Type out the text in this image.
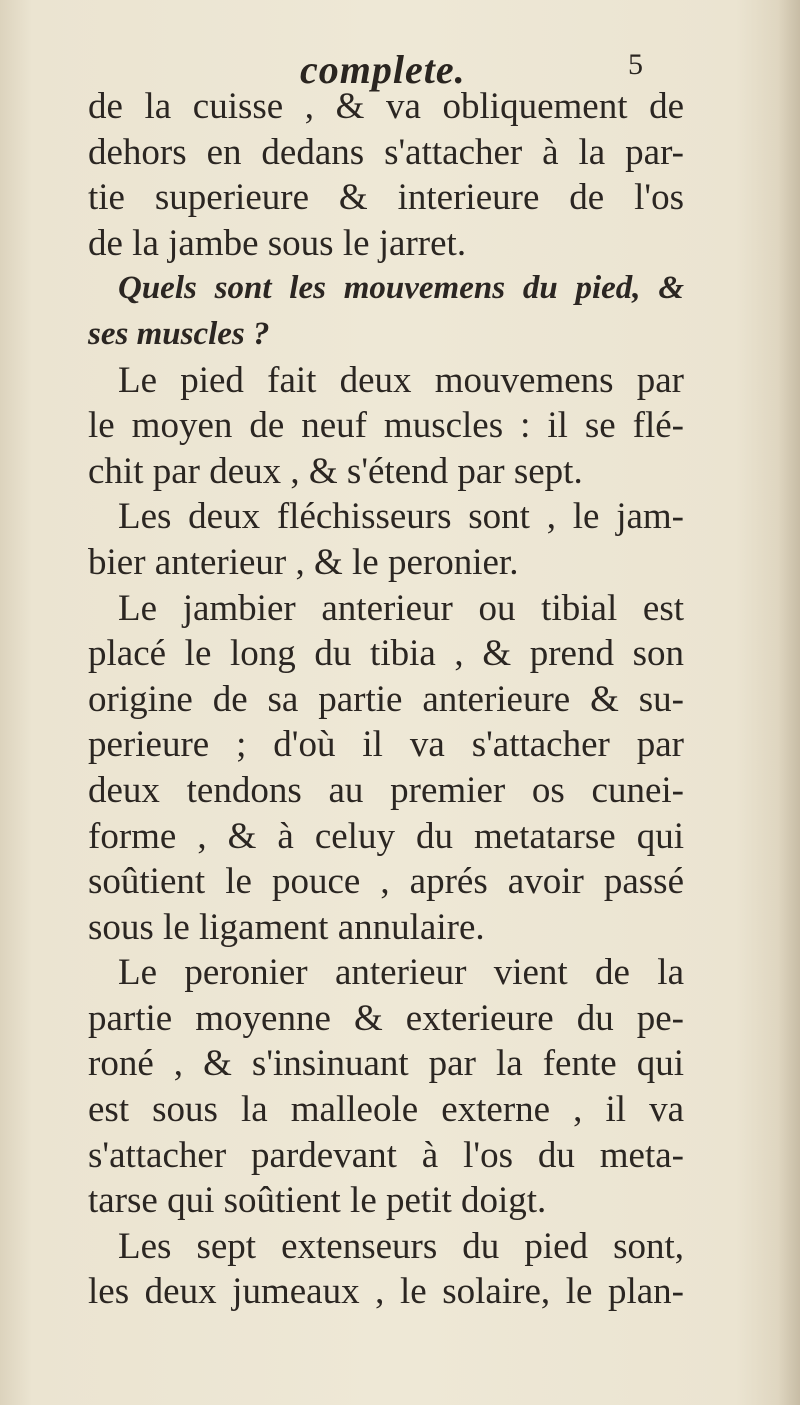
complete.	5
de la cuisse , & va obliquement de
dehors en dedans s'attacher à la par-
tie superieure & interieure de l'os
de la jambe sous le jarret.
Quels sont les mouvemens du pied, &
ses muscles ?
Le pied fait deux mouvemens par
le moyen de neuf muscles : il se flé-
chit par deux , & s'étend par sept.
Les deux fléchisseurs sont , le jam-
bier anterieur , & le peronier.
Le jambier anterieur ou tibial est
placé le long du tibia , & prend son
origine de sa partie anterieure & su-
perieure ; d'où il va s'attacher par
deux tendons au premier os cunei-
forme , & à celuy du metatarse qui
soûtient le pouce , aprés avoir passé
sous le ligament annulaire.
Le peronier anterieur vient de la
partie moyenne & exterieure du pe-
roné , & s'insinuant par la fente qui
est sous la malleole externe , il va
s'attacher pardevant à l'os du meta-
tarse qui soûtient le petit doigt.
Les sept extenseurs du pied sont,
les deux jumeaux , le solaire, le plan-
